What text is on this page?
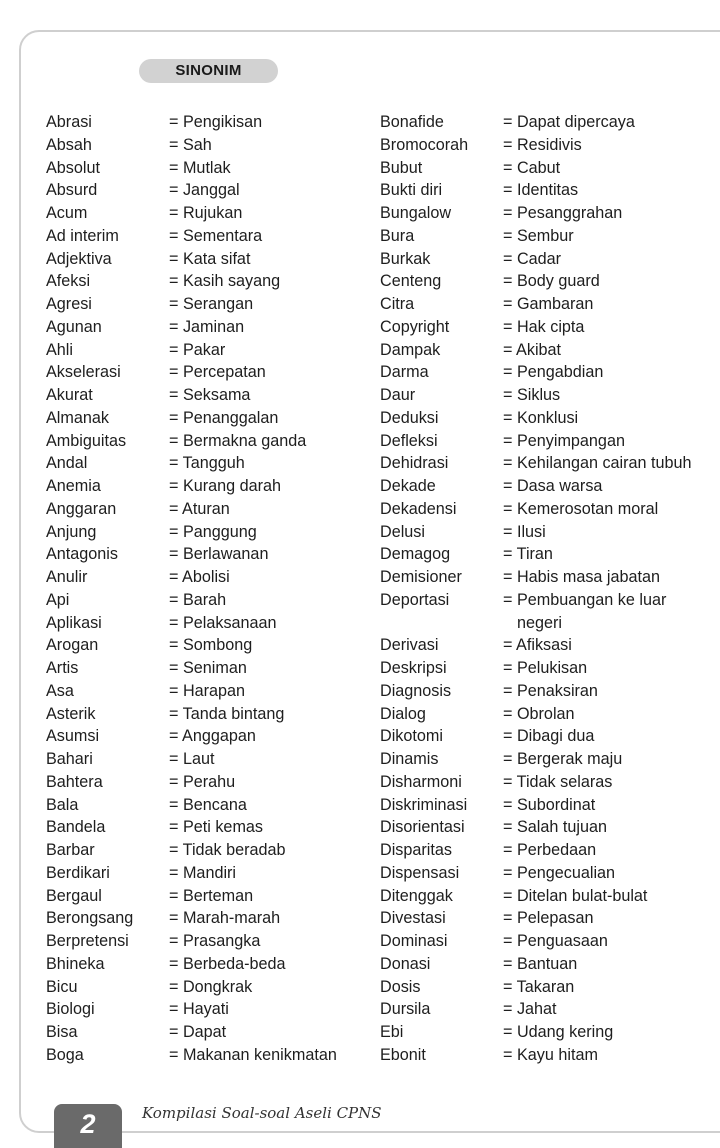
SINONIM
Abrasi	= Pengikisan
Absah	= Sah
Absolut	= Mutlak
Absurd	= Janggal
Acum	= Rujukan
Ad interim	= Sementara
Adjektiva	= Kata sifat
Afeksi	= Kasih sayang
Agresi	= Serangan
Agunan	= Jaminan
Ahli	= Pakar
Akselerasi	= Percepatan
Akurat	= Seksama
Almanak	= Penanggalan
Ambiguitas	= Bermakna ganda
Andal	= Tangguh
Anemia	= Kurang darah
Anggaran	= Aturan
Anjung	= Panggung
Antagonis	= Berlawanan
Anulir	= Abolisi
Api	= Barah
Aplikasi	= Pelaksanaan
Arogan	= Sombong
Artis	= Seniman
Asa	= Harapan
Asterik	= Tanda bintang
Asumsi	= Anggapan
Bahari	= Laut
Bahtera	= Perahu
Bala	= Bencana
Bandela	= Peti kemas
Barbar	= Tidak beradab
Berdikari	= Mandiri
Bergaul	= Berteman
Berongsang = Marah-marah
Berpretensi = Prasangka
Bhineka	= Berbeda-beda
Bicu	= Dongkrak
Biologi	= Hayati
Bisa	= Dapat
Boga	= Makanan kenikmatan
Bonafide	= Dapat dipercaya
Bromocorah = Residivis
Bubut	= Cabut
Bukti diri	= Identitas
Bungalow	= Pesanggrahan
Bura	= Sembur
Burkak	= Cadar
Centeng	= Body guard
Citra	= Gambaran
Copyright	= Hak cipta
Dampak	= Akibat
Darma	= Pengabdian
Daur	= Siklus
Deduksi	= Konklusi
Defleksi	= Penyimpangan
Dehidrasi	= Kehilangan cairan tubuh
Dekade	= Dasa warsa
Dekadensi	= Kemerosotan moral
Delusi	= Ilusi
Demagog	= Tiran
Demisioner	= Habis masa jabatan
Deportasi	= Pembuangan ke luar
negeri
Derivasi	= Afiksasi
Deskripsi	= Pelukisan
Diagnosis	= Penaksiran
Dialog	= Obrolan
Dikotomi	= Dibagi dua
Dinamis	= Bergerak maju
Disharmoni	= Tidak selaras
Diskriminasi = Subordinat
Disorientasi = Salah tujuan
Disparitas	= Perbedaan
Dispensasi	= Pengecualian
Ditenggak	= Ditelan bulat-bulat
Divestasi	= Pelepasan
Dominasi	= Penguasaan
Donasi	= Bantuan
Dosis	= Takaran
Dursila	= Jahat
Ebi	= Udang kering
Ebonit	= Kayu hitam
2	Kompilasi Soal-soal Aseli CPNS
